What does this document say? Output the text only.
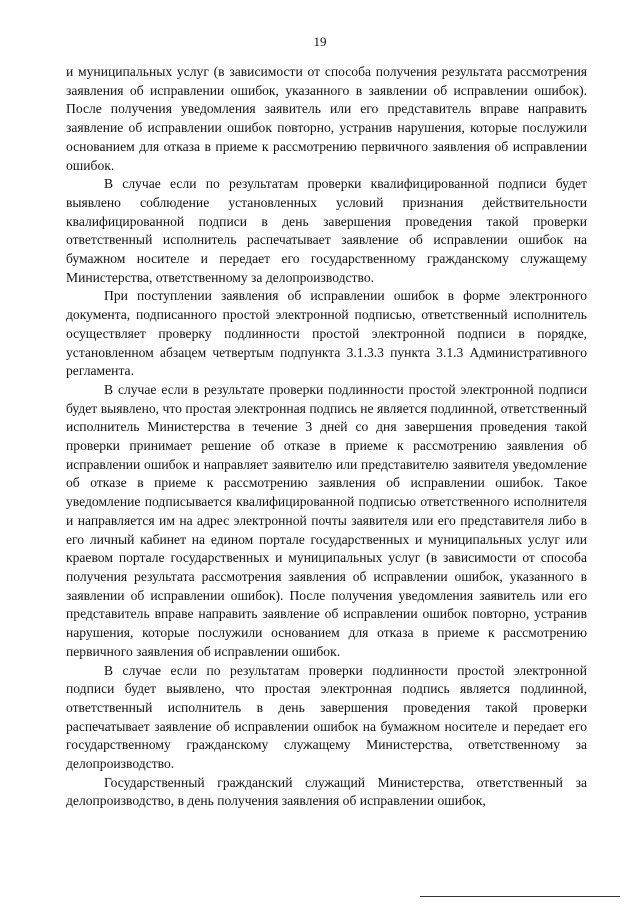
19

и муниципальных услуг (в зависимости от способа получения результата рассмотрения заявления об исправлении ошибок, указанного в заявлении об исправлении ошибок). После получения уведомления заявитель или его представитель вправе направить заявление об исправлении ошибок повторно, устранив нарушения, которые послужили основанием для отказа в приеме к рассмотрению первичного заявления об исправлении ошибок.

В случае если по результатам проверки квалифицированной подписи будет выявлено соблюдение установленных условий признания действительности квалифицированной подписи в день завершения проведения такой проверки ответственный исполнитель распечатывает заявление об исправлении ошибок на бумажном носителе и передает его государственному гражданскому служащему Министерства, ответственному за делопроизводство.

При поступлении заявления об исправлении ошибок в форме электронного документа, подписанного простой электронной подписью, ответственный исполнитель осуществляет проверку подлинности простой электронной подписи в порядке, установленном абзацем четвертым подпункта 3.1.3.3 пункта 3.1.3 Административного регламента.

В случае если в результате проверки подлинности простой электронной подписи будет выявлено, что простая электронная подпись не является подлинной, ответственный исполнитель Министерства в течение 3 дней со дня завершения проведения такой проверки принимает решение об отказе в приеме к рассмотрению заявления об исправлении ошибок и направляет заявителю или представителю заявителя уведомление об отказе в приеме к рассмотрению заявления об исправлении ошибок. Такое уведомление подписывается квалифицированной подписью ответственного исполнителя и направляется им на адрес электронной почты заявителя или его представителя либо в его личный кабинет на едином портале государственных и муниципальных услуг или краевом портале государственных и муниципальных услуг (в зависимости от способа получения результата рассмотрения заявления об исправлении ошибок, указанного в заявлении об исправлении ошибок). После получения уведомления заявитель или его представитель вправе направить заявление об исправлении ошибок повторно, устранив нарушения, которые послужили основанием для отказа в приеме к рассмотрению первичного заявления об исправлении ошибок.

В случае если по результатам проверки подлинности простой электронной подписи будет выявлено, что простая электронная подпись является подлинной, ответственный исполнитель в день завершения проведения такой проверки распечатывает заявление об исправлении ошибок на бумажном носителе и передает его государственному гражданскому служащему Министерства, ответственному за делопроизводство.

Государственный гражданский служащий Министерства, ответственный за делопроизводство, в день получения заявления об исправлении ошибок,
